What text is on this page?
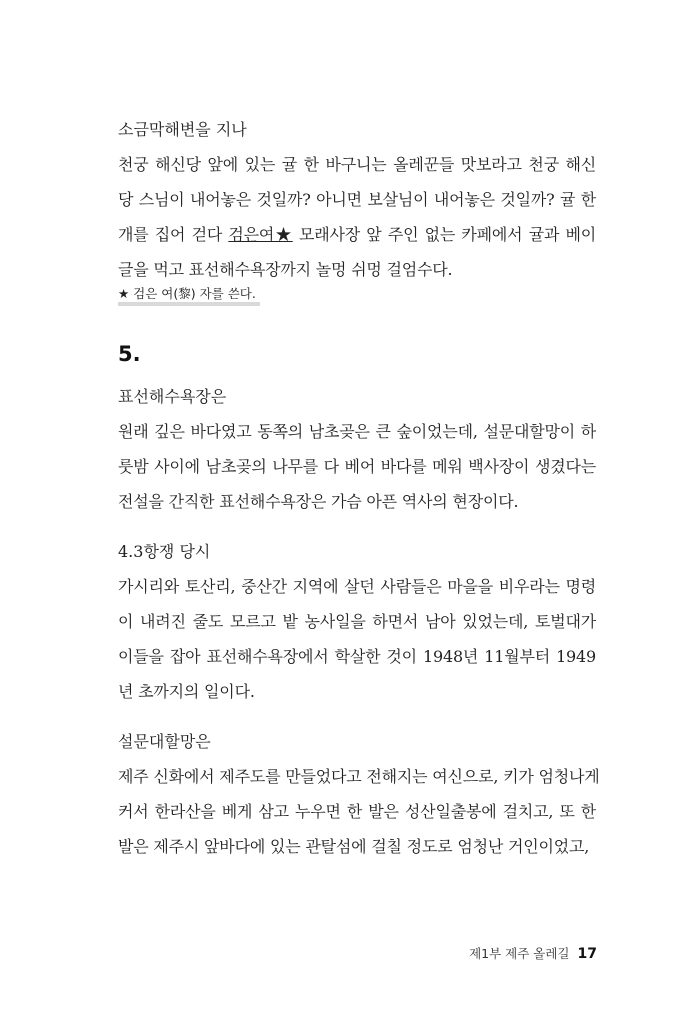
소금막해변을 지나
천궁 해신당 앞에 있는 귤 한 바구니는 올레꾼들 맛보라고 천궁 해신
당 스님이 내어놓은 것일까? 아니면 보살님이 내어놓은 것일까? 귤 한
개를 집어 걷다 검은여★ 모래사장 앞 주인 없는 카페에서 귤과 베이
글을 먹고 표선해수욕장까지 놀멍 쉬멍 걸엄수다.
★ 검은 여(黎) 자를 쓴다.
5.
표선해수욕장은
원래 깊은 바다였고 동쪽의 남초곶은 큰 숲이었는데, 설문대할망이 하
룻밤 사이에 남초곶의 나무를 다 베어 바다를 메워 백사장이 생겼다는
전설을 간직한 표선해수욕장은 가슴 아픈 역사의 현장이다.
4.3항쟁 당시
가시리와 토산리, 중산간 지역에 살던 사람들은 마을을 비우라는 명령
이 내려진 줄도 모르고 밭 농사일을 하면서 남아 있었는데, 토벌대가
이들을 잡아 표선해수욕장에서 학살한 것이 1948년 11월부터 1949
년 초까지의 일이다.
설문대할망은
제주 신화에서 제주도를 만들었다고 전해지는 여신으로, 키가 엄청나게
커서 한라산을 베게 삼고 누우면 한 발은 성산일출봉에 걸치고, 또 한
발은 제주시 앞바다에 있는 관탈섬에 걸칠 정도로 엄청난 거인이었고,
제1부 제주 올레길 17
